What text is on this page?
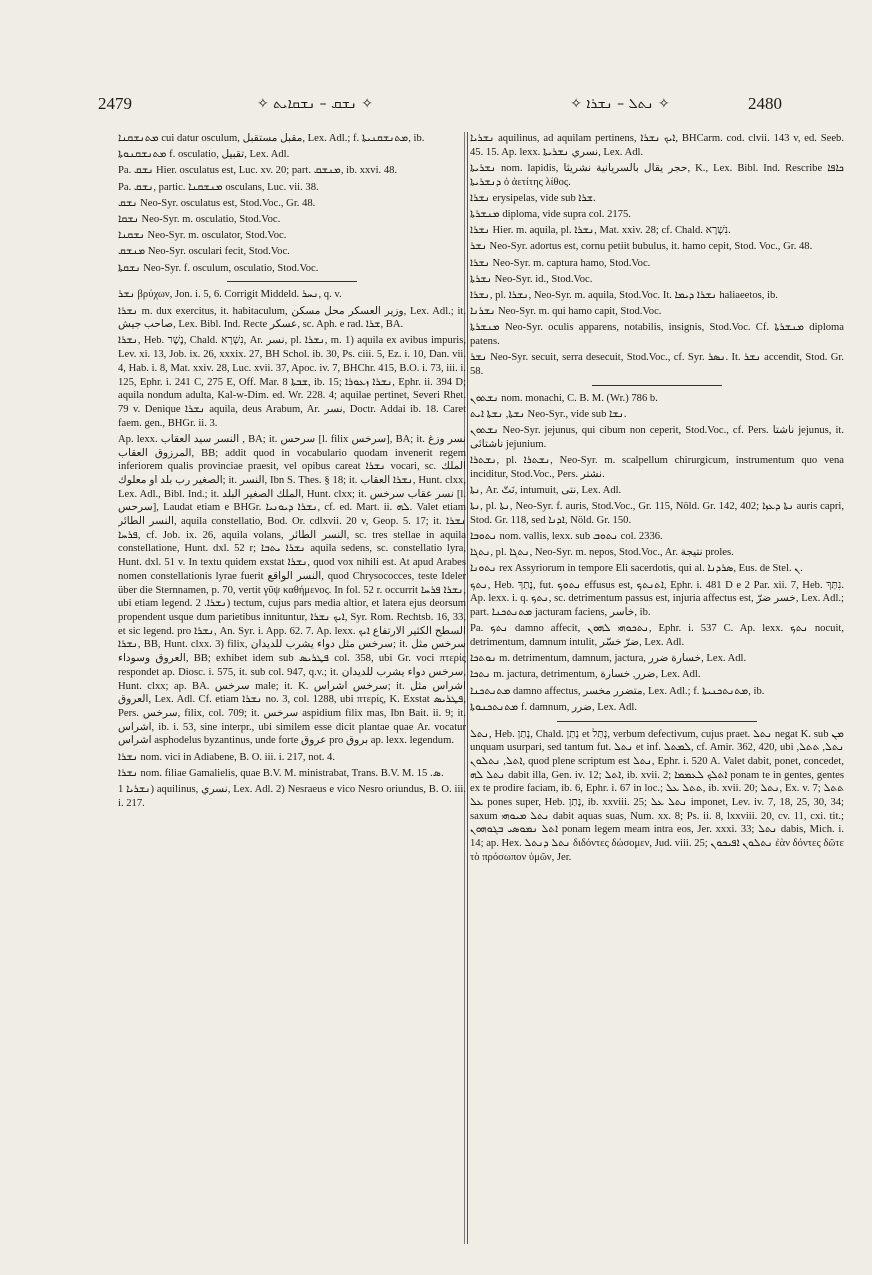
2479	✧ ܢܫܩ – ܢܫܩܐܝܬ ✧	✧ ܢܬܠ – ܢܫܪܐ ✧	2480

ܡܬܢܫܩܢܐ cui datur osculum, مقبل مستقبل, Lex. Adl.; f. ܡܬܢܫܩܢܝܬܐ, ib.

ܡܬܢܫܩܢܘܬܐ f. osculatio, تقبيل, Lex. Adl.

Pa. ܢܫܩ Hier. osculatus est, Luc. xv. 20; part. ܡܢܫܩ, ib. xxvi. 48.

Pa. ܢܫܩ, partic. ܡܢܫܩܢܐ osculans, Luc. vii. 38.

ܢܫܩ Neo-Syr. osculatus est, Stod.Voc., Gr. 48.

ܢܫܩܐ Neo-Syr. m. osculatio, Stod.Voc.

ܢܫܩܢܐ Neo-Syr. m. osculator, Stod.Voc.

ܡܢܫܩ Neo-Syr. osculari fecit, Stod.Voc.

ܢܫܩܬܐ Neo-Syr. f. osculum, osculatio, Stod.Voc.

ܢܫܪ βρύχων, Jon. i. 5, 6. Corrigit Middeld. ܢܚܪ, q. v.

ܢܫܪܐ m. dux exercitus, it. habitaculum, وزير العسكر محل مسكن, Lex. Adl.; it. صاحب جيش, Lex. Bibl. Ind. Recte عسكر, sc. Aph. e rad. ܫܪܐ, BA.

ܢܫܪܐ, Heb. נֶשֶׁר, Chald. נִשְׁרָא, Ar. نسر, pl. ܢܫܪܐ, m. 1) aquila ex avibus impuris, Lev. xi. 13, Job. ix. 26, xxxix. 27, BH Schol. ib. 30, Ps. ciii. 5, Ez. i. 10, Dan. vii. 4, Hab. i. 8, Mat. xxiv. 28, Luc. xvii. 37, Apoc. iv. 7, BHChr. 415, B.O. i. 73, iii. i. 125, Ephr. i. 241 C, 275 E, Off. Mar. ܫܒܬܐ 8, ib. 15; ܢܫܪܐ ܙܥܘܪܐ, Ephr. ii. 394 D; aquila nondum adulta, Kal-w-Dim. ed. Wr. 228. 4; aquilae pertinet, Severi Rhet. 79 v. Denique ܢܫܪܐ aquila, deus Arabum, Ar. نسر, Doctr. Addai ib. 18. Caret faem. gen., BHGr. ii. 3.

Ap. lexx. النسر سيد العقاب , BA; it. سرحس [l. filix سرخس], BA; it. نسر وزغ المرزوق العقاب, BB; addit quod in vocabulario quodam invenerit regem inferiorem qualis provinciae praesit, vel opibus careat ܢܫܪܐ vocari, sc. الملك الصغير رب بلد او معلوك; it. النسر, Ibn S. Thes. § 18; it. ܢܫܪܐ العقاب, Hunt. clxx, Lex. Adl., Bibl. Ind.; it. الملك الصغير البلد, Hunt. clxx; it. نسر عقاب سرخس [l. سرحس], Laudat etiam e BHGr. ܢܫܪܐ ܕܝܘܢܝܐ, cf. ed. Mart. ii. ܠܗ. Valet etiam النسر الطائر, aquila constellatio, Bod. Or. cdlxvii. 20 v, Geop. 5. 17; it. ܢܫܪܐ ܦܪܚܐ, cf. Job. ix. 26, aquila volans, النسر الطائر, sc. tres stellae in aquila constellatione, Hunt. dxl. 52 r; ܢܫܪܐ ܝܬܒܐ aquila sedens, sc. constellatio lyra, Hunt. dxl. 51 v. In textu quidem exstat ܢܫܪܐ, quod vox nihili est. At apud Arabes nomen constellationis lyrae fuerit النسر الواقع, quod Chrysococces, teste Ideler über die Sternnamen, p. 70, vertit γῦψ καθήμενος. In fol. 52 r. occurrit ܢܫܪܐ ܦܪܚܐ, ubi etiam legend. ܢܫܪܐ. 2) tectum, cujus pars media altior, et latera ejus deorsum propendent usque dum parietibus innituntur, ܐܝܟ ܢܫܪܐ, Syr. Rom. Rechtsb. 16, 33, et sic legend. pro ܢܫܪܐ, An. Syr. i. App. 62. 7. Ap. lexx. السطح الكثير الارتفاع ܐܝܟ ܢܫܪܐ, BB, Hunt. clxx. 3) filix, سرخس مثل دواء يشرب للديدان; it. سرخس مثل العروق وسوداء, BB; exhibet idem sub ܦܛܪܝܣ col. 358, ubi Gr. voci πτερίς respondet ap. Diosc. i. 575, it. sub col. 947, q.v.; it. سرخس دواء يشرب للديدان, Hunt. clxx; ap. BA. سرخس male; it. K. سرخس اشراس; it. اشراس مثل العروق, Lex. Adl. Cf. etiam ܢܫܪܐ no. 3, col. 1288, ubi πτερίς, K. Exstat ܦܛܪܝܣ, Pers. سرخس, filix, col. 709; it. سرخس aspidium filix mas, Ibn Bait. ii. 9; it. اشراس, ib. i. 53, sine interpr., ubi similem esse dicit plantae quae Ar. vocatur اشراس asphodelus byzantinus, unde forte عروق pro بروق ap. lexx. legendum.

ܢܫܪܐ nom. vici in Adiabene, B. O. iii. i. 217, not. 4.

ܢܫܪܐ nom. filiae Gamalielis, quae B.V. M. ministrabat, Trans. B.V. M. ܣ. 15.

ܢܫܪܝܐ 1) aquilinus, نسري, Lex. Adl. 2) Nesraeus e vico Nesro oriundus, B. O. iii. i. 217.

ܢܫܪܝܐ aquilinus, ad aquilam pertinens, ܐܝܟ ܢܫܪܐ, BHCarm. cod. clvii. 143 v, ed. Seeb. 45. 15. Ap. lexx. نسري ܢܫܪܝܬܐ, Lex. Adl.

ܢܫܪܝܬܐ nom. lapidis, حجر يقال بالسريانية نشريثا, K., Lex. Bibl. Ind. Rescribe ܟܐܦܐ ܕܢܫܪܝܬܐ ὁ ἀετίτης λίθος.

ܢܫܪܐ erysipelas, vide sub ܫܪܐ.

ܡܢܫܪܬܐ diploma, vide supra col. 2175.

ܢܫܪܐ Hier. m. aquila, pl. ܢܫܪܐ, Mat. xxiv. 28; cf. Chald. נִשְׁרָא.

ܢܫܪ Neo-Syr. adortus est, cornu petiit bubulus, it. hamo cepit, Stod. Voc., Gr. 48.

ܢܫܪܐ Neo-Syr. m. captura hamo, Stod.Voc.

ܢܫܪܬܐ Neo-Syr. id., Stod.Voc.

ܢܫܪܐ, pl. ܢܫܪܐ, Neo-Syr. m. aquila, Stod.Voc. It. ܢܫܪܐ ܕܝܡܐ haliaeetos, ib.

ܢܫܪܢܐ Neo-Syr. m. qui hamo capit, Stod.Voc.

ܡܢܫܪܬܐ Neo-Syr. oculis apparens, notabilis, insignis, Stod.Voc. Cf. ܡܢܫܪܬܐ diploma patens.

ܢܫܪ Neo-Syr. secuit, serra desecuit, Stod.Voc., cf. Syr. ܢܣܪ. It. ܢܫܪ accendit, Stod. Gr. 58.

ܢܫܬܘܢ nom. monachi, C. B. M. (Wr.) 786 b.

ܢܫܬܐ, ܢܫܬܐ ܐܝܬ Neo-Syr., vide sub ܢܫܐ.

ܢܫܬܘܢ Neo-Syr. jejunus, qui cibum non ceperit, Stod.Voc., cf. Pers. ناشتا jejunus, it. ناشتائی jejunium.

ܢܫܬܪܐ, pl. ܢܫܬܪܐ, Neo-Syr. m. scalpellum chirurgicum, instrumentum quo vena inciditur, Stod.Voc., Pers. نشتر.

ܢܬܐ, Ar. نَتّ, intumuit, نتى, Lex. Adl.

ܢܬܐ, pl. ܢܬܐ, Neo-Syr. f. auris, Stod.Voc., Gr. 115, Nöld. Gr. 142, 402; ܢܬܐ ܕܥܙܐ auris capri, Stod. Gr. 118, sed ܐܕܢܐ, Nöld. Gr. 150.

ܢܬܘܒܐ nom. vallis, lexx. sub ܢܬܘܒ col. 2336.

ܢܬܓܐ, pl. ܢܬܓܐ, Neo-Syr. m. nepos, Stod.Voc., Ar. نتيجة proles.

ܢܬܘܢܐ rex Assyriorum in tempore Eli sacerdotis, qui al. ܣܪܕܢܐ, Eus. de Stel. ܢ.

ܢܬܟ, Heb. נָתַךְ, fut. ܢܬܘܟ effusus est, ܐܬܢܬܟ, Ephr. i. 481 D e 2 Par. xii. 7, Heb. נִתַּךְ. Ap. lexx. i. q. ܢܬܟ, sc. detrimentum passus est, injuria affectus est, خسر ضرّ, Lex. Adl.; part. ܡܬܢܬܟܢܐ jacturam faciens, خاسر, ib.

Pa. ܢܬܟ damno affecit, ܢܬܟܘܗܝ ܠܗܘܢ, Ephr. i. 537 C. Ap. lexx. ܢܬܟ nocuit, detrimentum, damnum intulit, ضرّ خسّر, Lex. Adl.

ܢܘܬܟܐ m. detrimentum, damnum, jactura, خسارة ضرر, Lex. Adl.

ܢܬܟܐ m. jactura, detrimentum, ضرر, خسارة, Lex. Adl.

ܡܬܢܬܟܢܐ damno affectus, متضرر مخسر, Lex. Adl.; f. ܡܬܢܬܟܢܝܬܐ, ib.

ܡܬܢܬܟܢܘܬܐ f. damnum, ضرر, Lex. Adl.

ܢܬܠ, Heb. נָתַן, Chald. נְתַן et נְתַל, verbum defectivum, cujus praet. ܢܬܠ negat K. sub ܡܢ unquam usurpari, sed tantum fut. ܢܬܠ et inf. ܠܡܬܠ, cf. Amir. 362, 420, ubi ܢܬܠ, ܬܬܠ, ܐܬܠ, ܢܬܠܘܢ, quod plene scriptum est ܢܬܠ, Ephr. i. 520 A. Valet dabit, ponet, concedet, ܢܬܠ ܠܗ dabit illa, Gen. iv. 12; ܐܬܠ, ib. xvii. 2; ܐܬܠܟ ܠܥܡܡܐ ponam te in gentes, gentes ex te prodire faciam, ib. 6, Ephr. i. 67 in loc.; ܬܬܠ ܥܠ, ib. xvii. 20; ܢܬܠ, Ex. v. 7; ܬܬܠ ܥܠ pones super, Heb. נָתַן, ib. xxviii. 25; ܢܬܠ ܥܠ imponet, Lev. iv. 7, 18, 25, 30, 34; saxum ܢܬܠ ܡܝܘܗܝ dabit aquas suas, Num. xx. 8; Ps. ii. 8, lxxviii. 20, cv. 11, cxi. tit.; ܐܬܠ ܢܡܘܣܝ ܒܓܘܗܘܢ ponam legem meam intra eos, Jer. xxxi. 33; ܢܬܠ dabis, Mich. i. 14; ap. Hex. ܢܬܠ ܕܢܬܠ διδόντες δώσομεν, Jud. viii. 25; ܢܬܠܘܢ ܐܦܝܟܘܢ ἐὰν δόντες δῶτε τὸ πρόσωπον ὑμῶν, Jer.
